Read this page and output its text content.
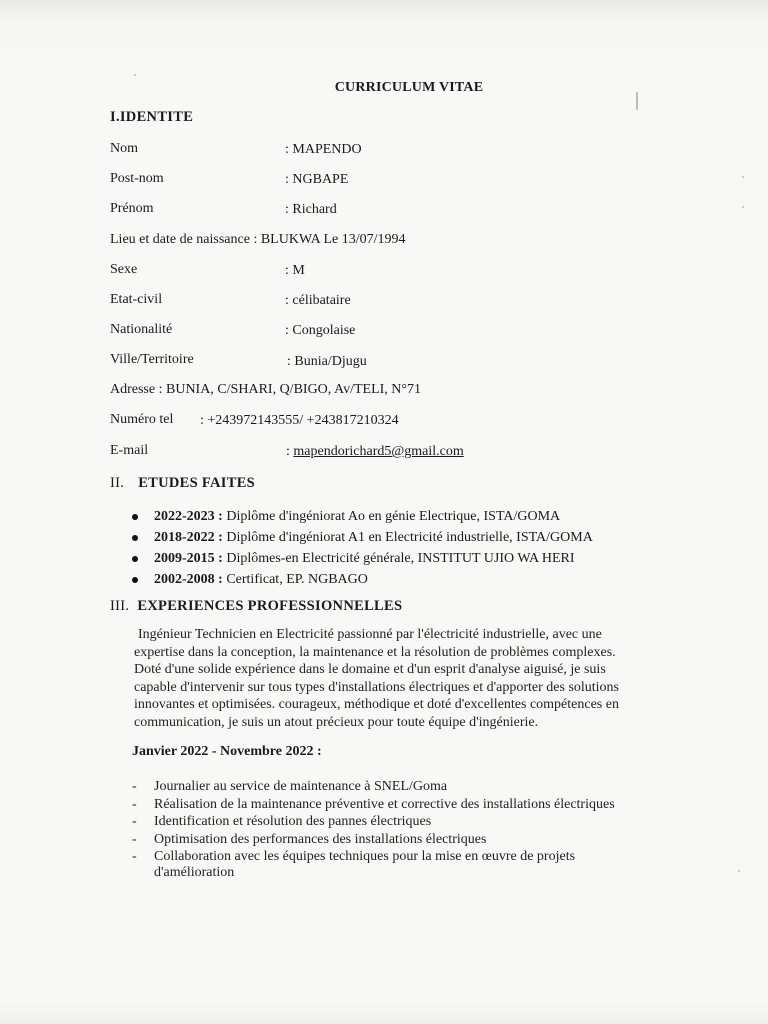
CURRICULUM VITAE
I.IDENTITE
Nom	: MAPENDO
Post-nom	: NGBAPE
Prénom	: Richard
Lieu et date de naissance : BLUKWA Le 13/07/1994
Sexe	: M
Etat-civil	: célibataire
Nationalité	: Congolaise
Ville/Territoire	: Bunia/Djugu
Adresse : BUNIA, C/SHARI, Q/BIGO, Av/TELI, N°71
Numéro tel : +243972143555/ +243817210324
E-mail	: mapendorichard5@gmail.com
II. ETUDES FAITES
2022-2023 : Diplôme d'ingéniorat Ao en génie Electrique, ISTA/GOMA
2018-2022 : Diplôme d'ingéniorat A1 en Electricité industrielle, ISTA/GOMA
2009-2015 : Diplômes-en Electricité générale, INSTITUT UJIO WA HERI
2002-2008 : Certificat, EP. NGBAGO
III. EXPERIENCES PROFESSIONNELLES
Ingénieur Technicien en Electricité passionné par l'électricité industrielle, avec une
expertise dans la conception, la maintenance et la résolution de problèmes complexes.
Doté d'une solide expérience dans le domaine et d'un esprit d'analyse aiguisé, je suis
capable d'intervenir sur tous types d'installations électriques et d'apporter des solutions
innovantes et optimisées. courageux, méthodique et doté d'excellentes compétences en
communication, je suis un atout précieux pour toute équipe d'ingénierie.
Janvier 2022 - Novembre 2022 :
- Journalier au service de maintenance à SNEL/Goma
- Réalisation de la maintenance préventive et corrective des installations électriques
- Identification et résolution des pannes électriques
- Optimisation des performances des installations électriques
- Collaboration avec les équipes techniques pour la mise en œuvre de projets
d'amélioration
